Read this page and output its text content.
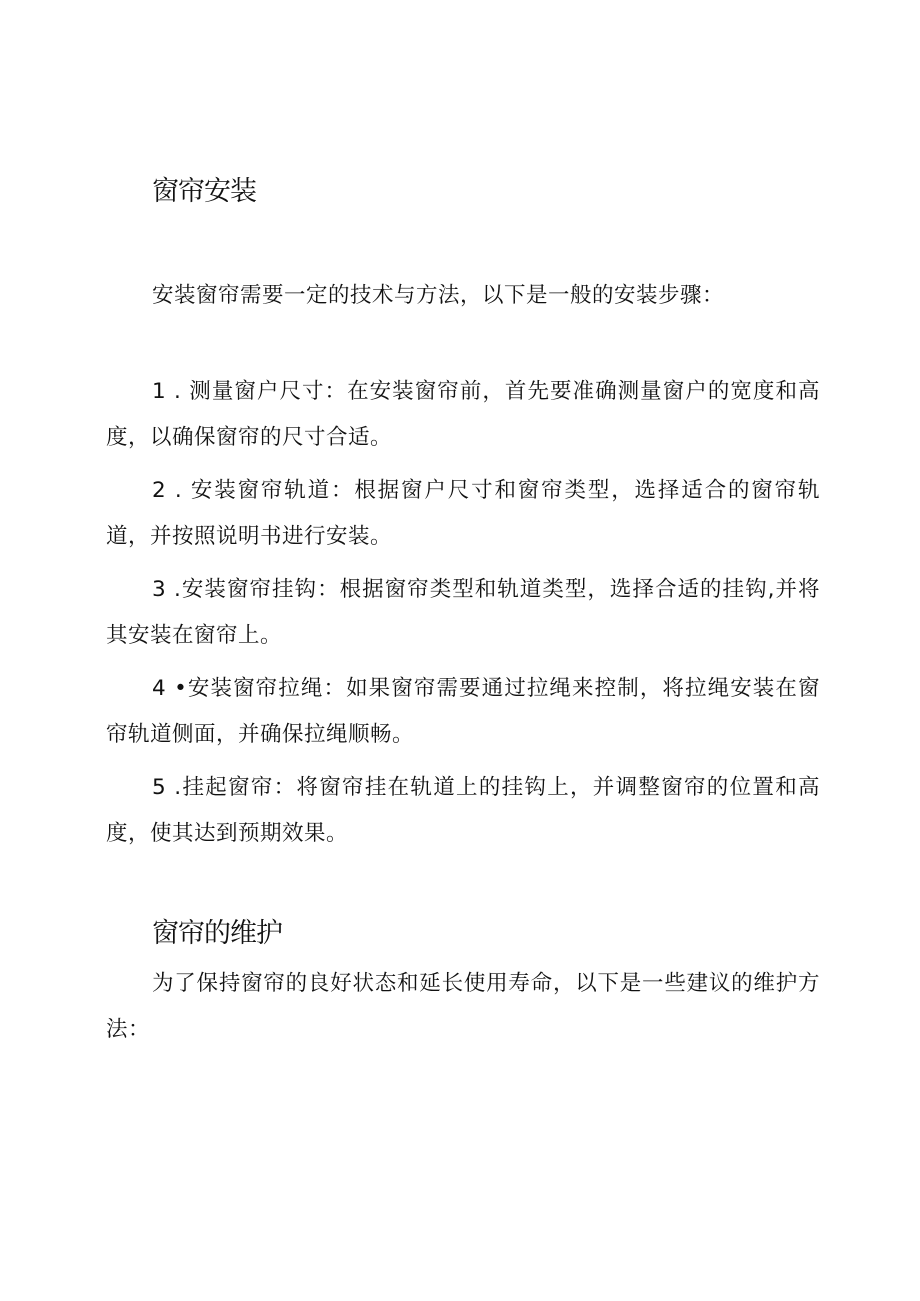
窗帘安装

安装窗帘需要一定的技术与方法，以下是一般的安装步骤：

1 . 测量窗户尺寸：在安装窗帘前，首先要准确测量窗户的宽度和高度，以确保窗帘的尺寸合适。

2 . 安装窗帘轨道：根据窗户尺寸和窗帘类型，选择适合的窗帘轨道，并按照说明书进行安装。

3 .安装窗帘挂钩：根据窗帘类型和轨道类型，选择合适的挂钩,并将其安装在窗帘上。

4 •安装窗帘拉绳：如果窗帘需要通过拉绳来控制，将拉绳安装在窗帘轨道侧面，并确保拉绳顺畅。

5 .挂起窗帘：将窗帘挂在轨道上的挂钩上，并调整窗帘的位置和高度，使其达到预期效果。

窗帘的维护

为了保持窗帘的良好状态和延长使用寿命，以下是一些建议的维护方法：
